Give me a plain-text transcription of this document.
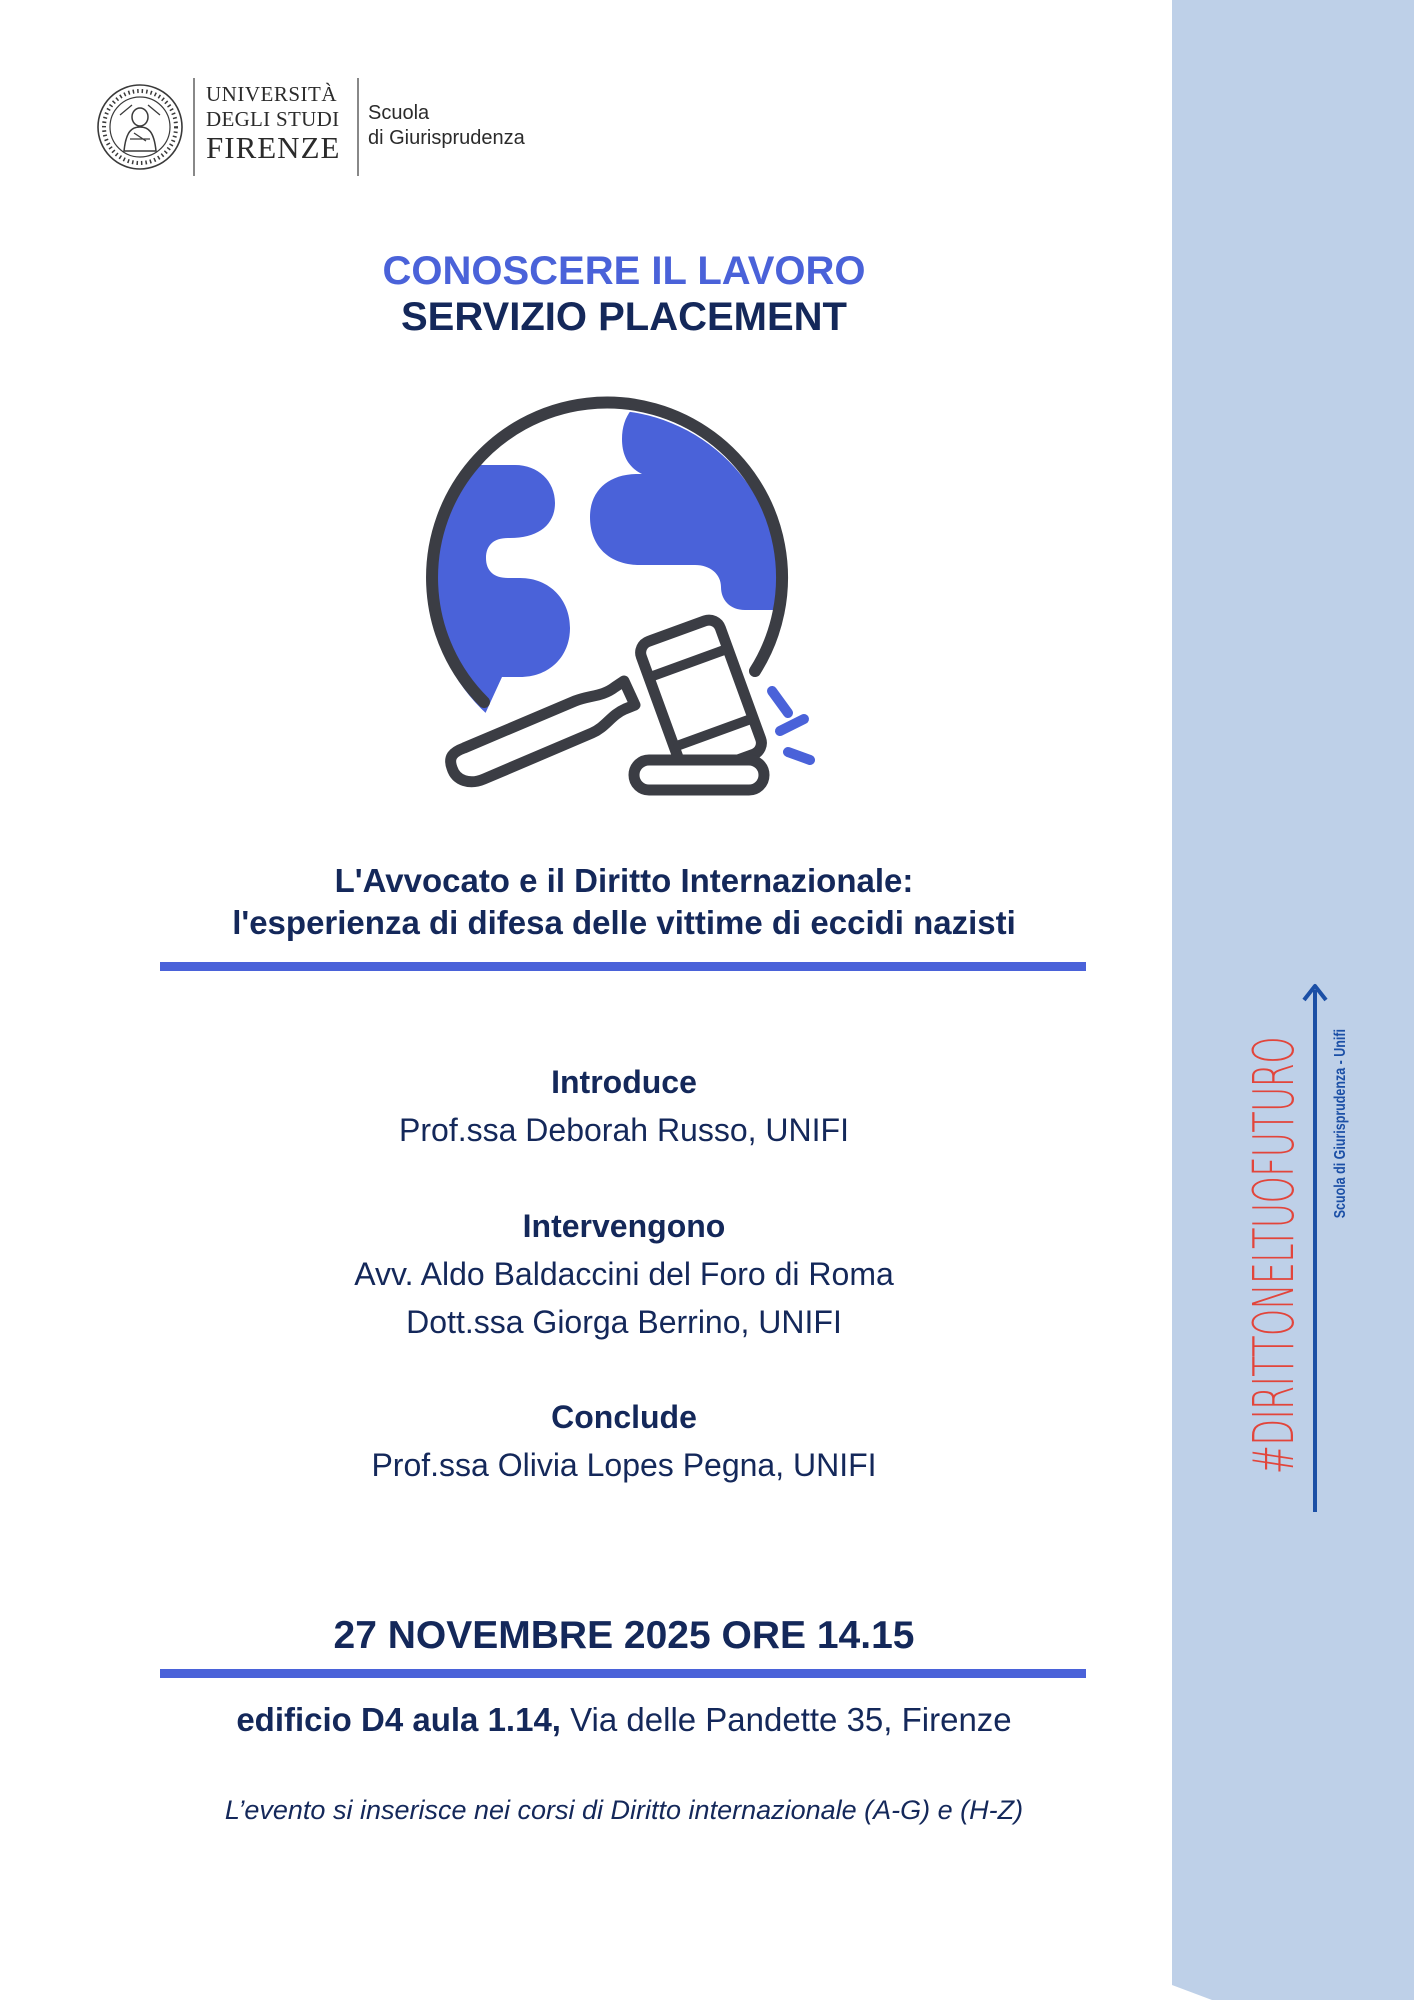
#DIRITTONELTUOFUTURO Scuola di Giurisprudenza - Unifi
UNIVERSITÀ
DEGLI STUDI
FIRENZE
Scuola
di Giurisprudenza
CONOSCERE IL LAVORO
SERVIZIO PLACEMENT
L'Avvocato e il Diritto Internazionale:
l'esperienza di difesa delle vittime di eccidi nazisti
Introduce
Prof.ssa Deborah Russo, UNIFI
Intervengono
Avv. Aldo Baldaccini del Foro di Roma
Dott.ssa Giorga Berrino, UNIFI
Conclude
Prof.ssa Olivia Lopes Pegna, UNIFI
27 NOVEMBRE 2025 ORE 14.15
edificio D4 aula 1.14, Via delle Pandette 35, Firenze
L’evento si inserisce nei corsi di Diritto internazionale (A-G) e (H-Z)
